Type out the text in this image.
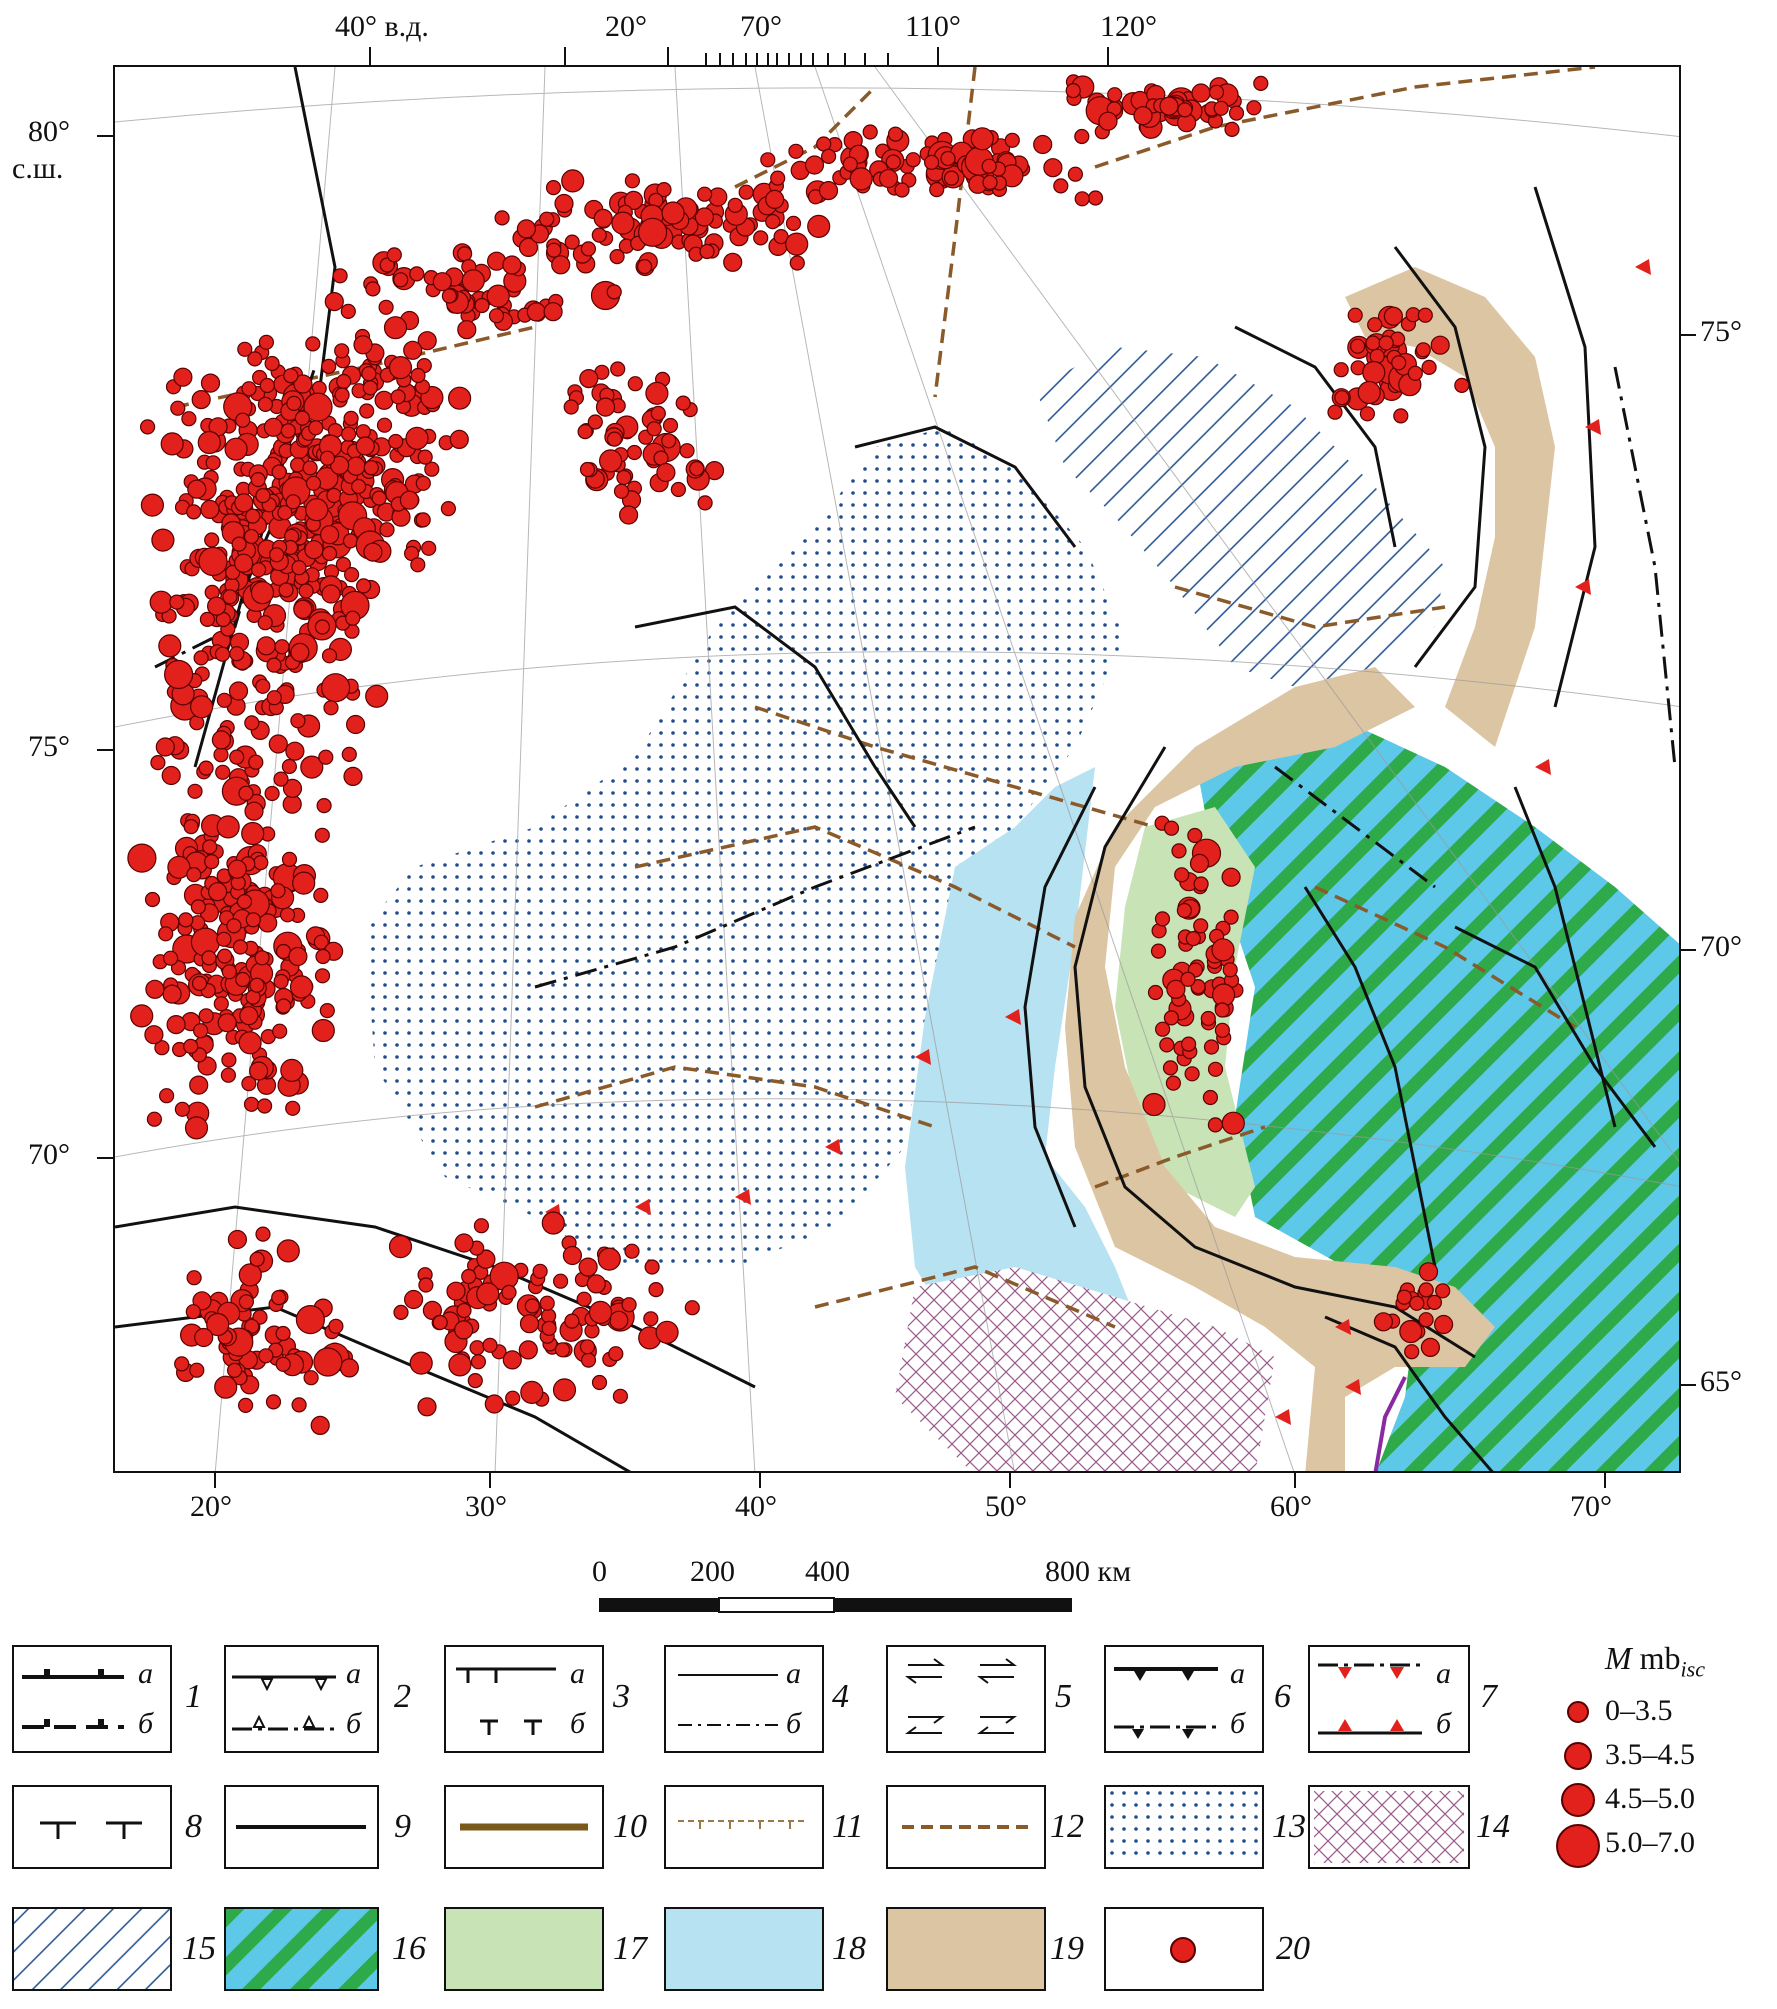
40° в.д.	20°	70°	110°	120°
80°
с.ш.
75°
70°
75°
70°
65°
20°	30°	40°	50°	60°	70°
0	200 400	800 км
а
б
1
а
б
2
а
б
3
а
б
4	5
а
б
6
а
б
7
M $mb_{isc}$
0–3.5
3.5–4.5
4.5–5.0
5.0–7.0
8	9	10	11	12	13	14
15	16	17	18	19	20
